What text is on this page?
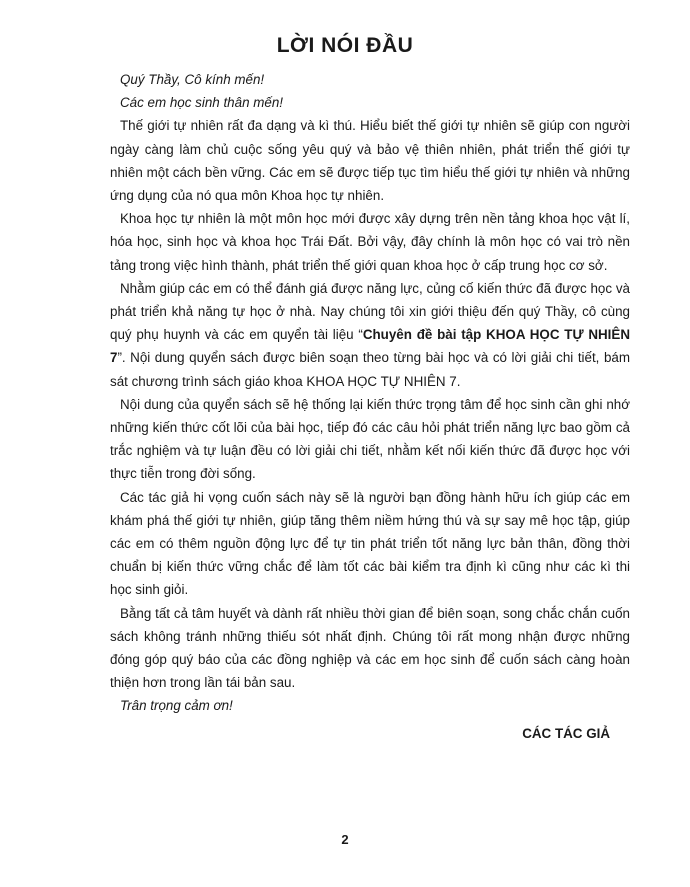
LỜI NÓI ĐẦU

Quý Thầy, Cô kính mến!

Các em học sinh thân mến!

Thế giới tự nhiên rất đa dạng và kì thú. Hiểu biết thế giới tự nhiên sẽ giúp con người ngày càng làm chủ cuộc sống yêu quý và bảo vệ thiên nhiên, phát triển thế giới tự nhiên một cách bền vững. Các em sẽ được tiếp tục tìm hiểu thế giới tự nhiên và những ứng dụng của nó qua môn Khoa học tự nhiên.

Khoa học tự nhiên là một môn học mới được xây dựng trên nền tảng khoa học vật lí, hóa học, sinh học và khoa học Trái Đất. Bởi vậy, đây chính là môn học có vai trò nền tảng trong việc hình thành, phát triển thế giới quan khoa học ở cấp trung học cơ sở.

Nhằm giúp các em có thể đánh giá được năng lực, củng cố kiến thức đã được học và phát triển khả năng tự học ở nhà. Nay chúng tôi xin giới thiệu đến quý Thầy, cô cùng quý phụ huynh và các em quyển tài liệu “Chuyên đề bài tập KHOA HỌC TỰ NHIÊN 7”. Nội dung quyển sách được biên soạn theo từng bài học và có lời giải chi tiết, bám sát chương trình sách giáo khoa KHOA HỌC TỰ NHIÊN 7.

Nội dung của quyển sách sẽ hệ thống lại kiến thức trọng tâm để học sinh cần ghi nhớ những kiến thức cốt lõi của bài học, tiếp đó các câu hỏi phát triển năng lực bao gồm cả trắc nghiệm và tự luận đều có lời giải chi tiết, nhằm kết nối kiến thức đã được học với thực tiễn trong đời sống.

Các tác giả hi vọng cuốn sách này sẽ là người bạn đồng hành hữu ích giúp các em khám phá thế giới tự nhiên, giúp tăng thêm niềm hứng thú và sự say mê học tập, giúp các em có thêm nguồn động lực để tự tin phát triển tốt năng lực bản thân, đồng thời chuẩn bị kiến thức vững chắc để làm tốt các bài kiểm tra định kì cũng như các kì thi học sinh giỏi.

Bằng tất cả tâm huyết và dành rất nhiều thời gian để biên soạn, song chắc chắn cuốn sách không tránh những thiếu sót nhất định. Chúng tôi rất mong nhận được những đóng góp quý báo của các đồng nghiệp và các em học sinh để cuốn sách càng hoàn thiện hơn trong lần tái bản sau.

Trân trọng cảm ơn!

CÁC TÁC GIẢ

2
